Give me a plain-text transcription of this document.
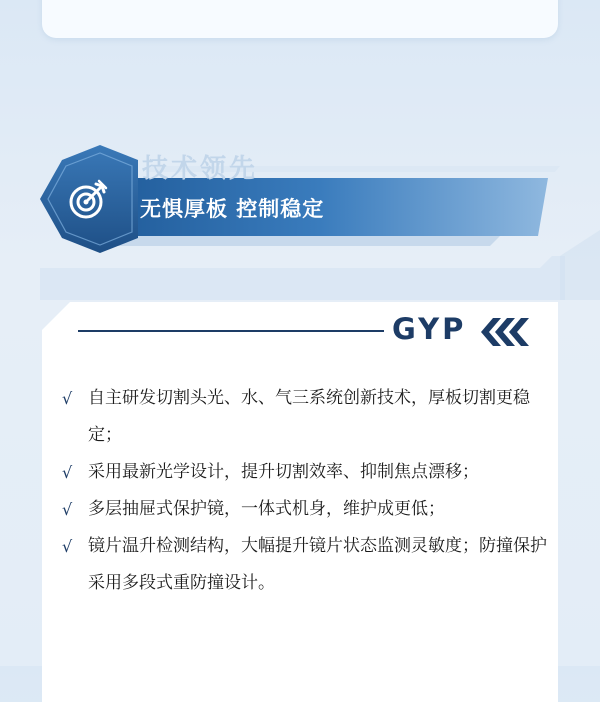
技术领先

无惧厚板 控制稳定

GYP

√ 自主研发切割头光、水、气三系统创新技术，厚板切割更稳定；
√ 采用最新光学设计，提升切割效率、抑制焦点漂移；
√ 多层抽屉式保护镜，一体式机身，维护成更低；
√ 镜片温升检测结构，大幅提升镜片状态监测灵敏度；防撞保护采用多段式重防撞设计。
